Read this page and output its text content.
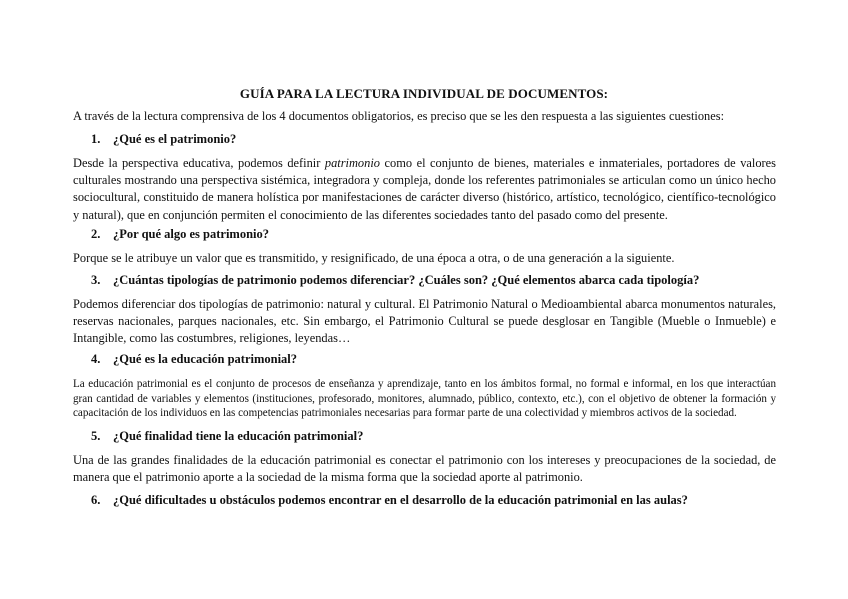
GUÍA PARA LA LECTURA INDIVIDUAL DE DOCUMENTOS:
A través de la lectura comprensiva de los 4 documentos obligatorios, es preciso que se les den respuesta a las siguientes cuestiones:
1. ¿Qué es el patrimonio?
Desde la perspectiva educativa, podemos definir patrimonio como el conjunto de bienes, materiales e inmateriales, portadores de valores culturales mostrando una perspectiva sistémica, integradora y compleja, donde los referentes patrimoniales se articulan como un único hecho sociocultural, constituido de manera holística por manifestaciones de carácter diverso (histórico, artístico, tecnológico, científico-tecnológico y natural), que en conjunción permiten el conocimiento de las diferentes sociedades tanto del pasado como del presente.
2. ¿Por qué algo es patrimonio?
Porque se le atribuye un valor que es transmitido, y resignificado, de una época a otra, o de una generación a la siguiente.
3. ¿Cuántas tipologías de patrimonio podemos diferenciar? ¿Cuáles son? ¿Qué elementos abarca cada tipología?
Podemos diferenciar dos tipologías de patrimonio: natural y cultural. El Patrimonio Natural o Medioambiental abarca monumentos naturales, reservas nacionales, parques nacionales, etc. Sin embargo, el Patrimonio Cultural se puede desglosar en Tangible (Mueble o Inmueble) e Intangible, como las costumbres, religiones, leyendas…
4. ¿Qué es la educación patrimonial?
La educación patrimonial es el conjunto de procesos de enseñanza y aprendizaje, tanto en los ámbitos formal, no formal e informal, en los que interactúan gran cantidad de variables y elementos (instituciones, profesorado, monitores, alumnado, público, contexto, etc.), con el objetivo de obtener la formación y capacitación de los individuos en las competencias patrimoniales necesarias para formar parte de una colectividad y miembros activos de la sociedad.
5. ¿Qué finalidad tiene la educación patrimonial?
Una de las grandes finalidades de la educación patrimonial es conectar el patrimonio con los intereses y preocupaciones de la sociedad, de manera que el patrimonio aporte a la sociedad de la misma forma que la sociedad aporte al patrimonio.
6. ¿Qué dificultades u obstáculos podemos encontrar en el desarrollo de la educación patrimonial en las aulas?
